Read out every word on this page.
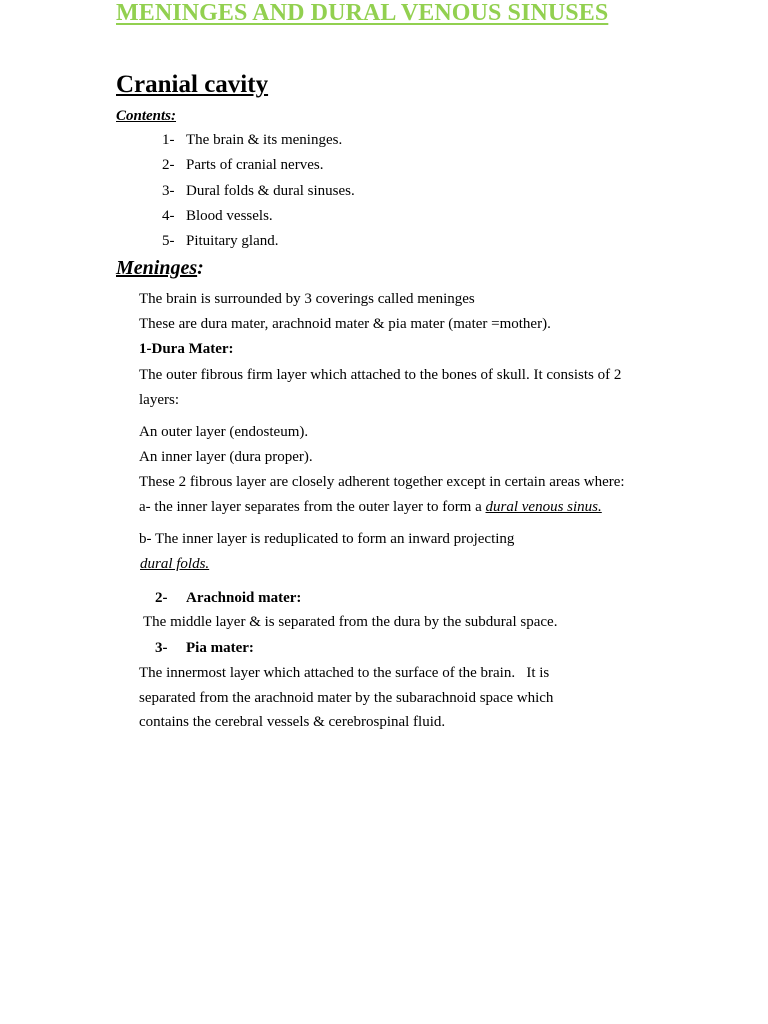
MENINGES AND DURAL VENOUS SINUSES
Cranial cavity
Contents:
1- The brain & its meninges.
2- Parts of cranial nerves.
3- Dural folds & dural sinuses.
4- Blood vessels.
5- Pituitary gland.
Meninges:
The brain is surrounded by 3 coverings called meninges
These are dura mater, arachnoid mater & pia mater (mater =mother).
1-Dura Mater:
The outer fibrous firm layer which attached to the bones of skull. It consists of 2
layers:
An outer layer (endosteum).
An inner layer (dura proper).
These 2 fibrous layer are closely adherent together except in certain areas where:
a- the inner layer separates from the outer layer to form a dural venous sinus.
b- The inner layer is reduplicated to form an inward projecting
dural folds.
2- Arachnoid mater:
The middle layer & is separated from the dura by the subdural space.
3- Pia mater:
The innermost layer which attached to the surface of the brain.   It is
separated from the arachnoid mater by the subarachnoid space which
contains the cerebral vessels & cerebrospinal fluid.
